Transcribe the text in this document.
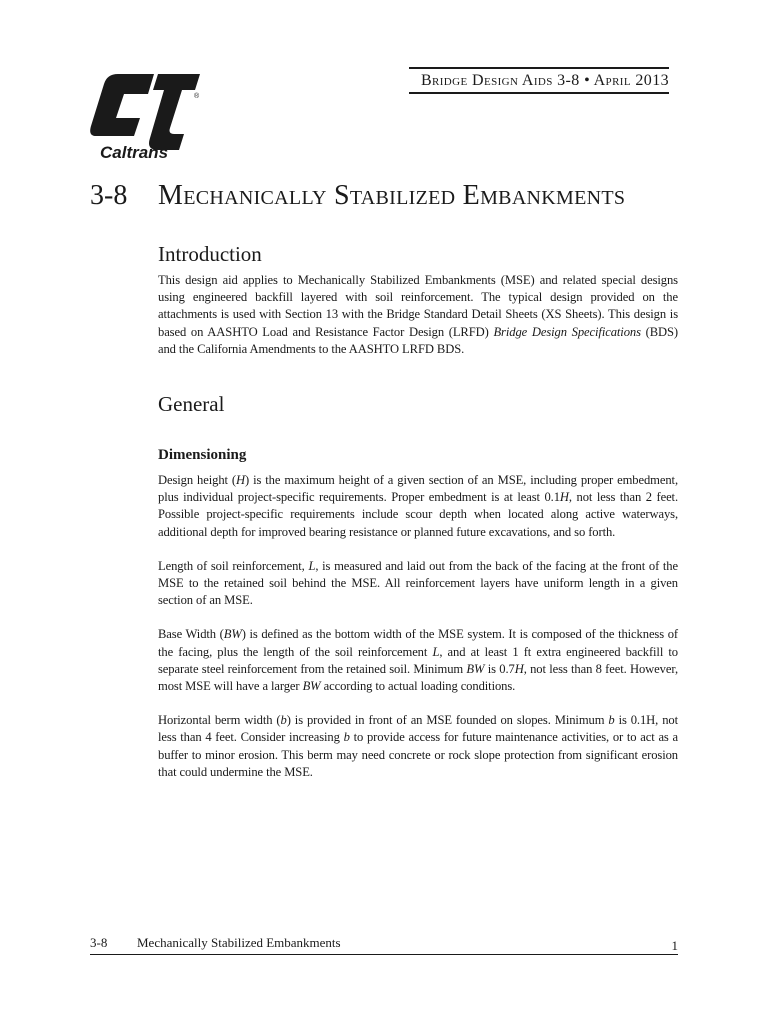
®
Caltrans
Bridge Design Aids 3-8 • April 2013
3-8 Mechanically Stabilized Embankments
Introduction

This design aid applies to Mechanically Stabilized Embankments (MSE) and related special designs using engineered backfill layered with soil reinforcement. The typical design provided on the attachments is used with Section 13 with the Bridge Standard Detail Sheets (XS Sheets). This design is based on AASHTO Load and Resistance Factor Design (LRFD) Bridge Design Specifications (BDS) and the California Amendments to the AASHTO LRFD BDS.

General
Dimensioning

Design height (H) is the maximum height of a given section of an MSE, including proper embedment, plus individual project-specific requirements. Proper embedment is at least 0.1H, not less than 2 feet. Possible project-specific requirements include scour depth when located along active waterways, additional depth for improved bearing resistance or planned future excavations, and so forth.

Length of soil reinforcement, L, is measured and laid out from the back of the facing at the front of the MSE to the retained soil behind the MSE. All reinforcement layers have uniform length in a given section of an MSE.

Base Width (BW) is defined as the bottom width of the MSE system. It is composed of the thickness of the facing, plus the length of the soil reinforcement L, and at least 1 ft extra engineered backfill to separate steel reinforcement from the retained soil. Minimum BW is 0.7H, not less than 8 feet. However, most MSE will have a larger BW according to actual loading conditions.

Horizontal berm width (b) is provided in front of an MSE founded on slopes. Minimum b is 0.1H, not less than 4 feet. Consider increasing b to provide access for future maintenance activities, or to act as a buffer to minor erosion. This berm may need concrete or rock slope protection from significant erosion that could undermine the MSE.

3-8 Mechanically Stabilized Embankments	1
